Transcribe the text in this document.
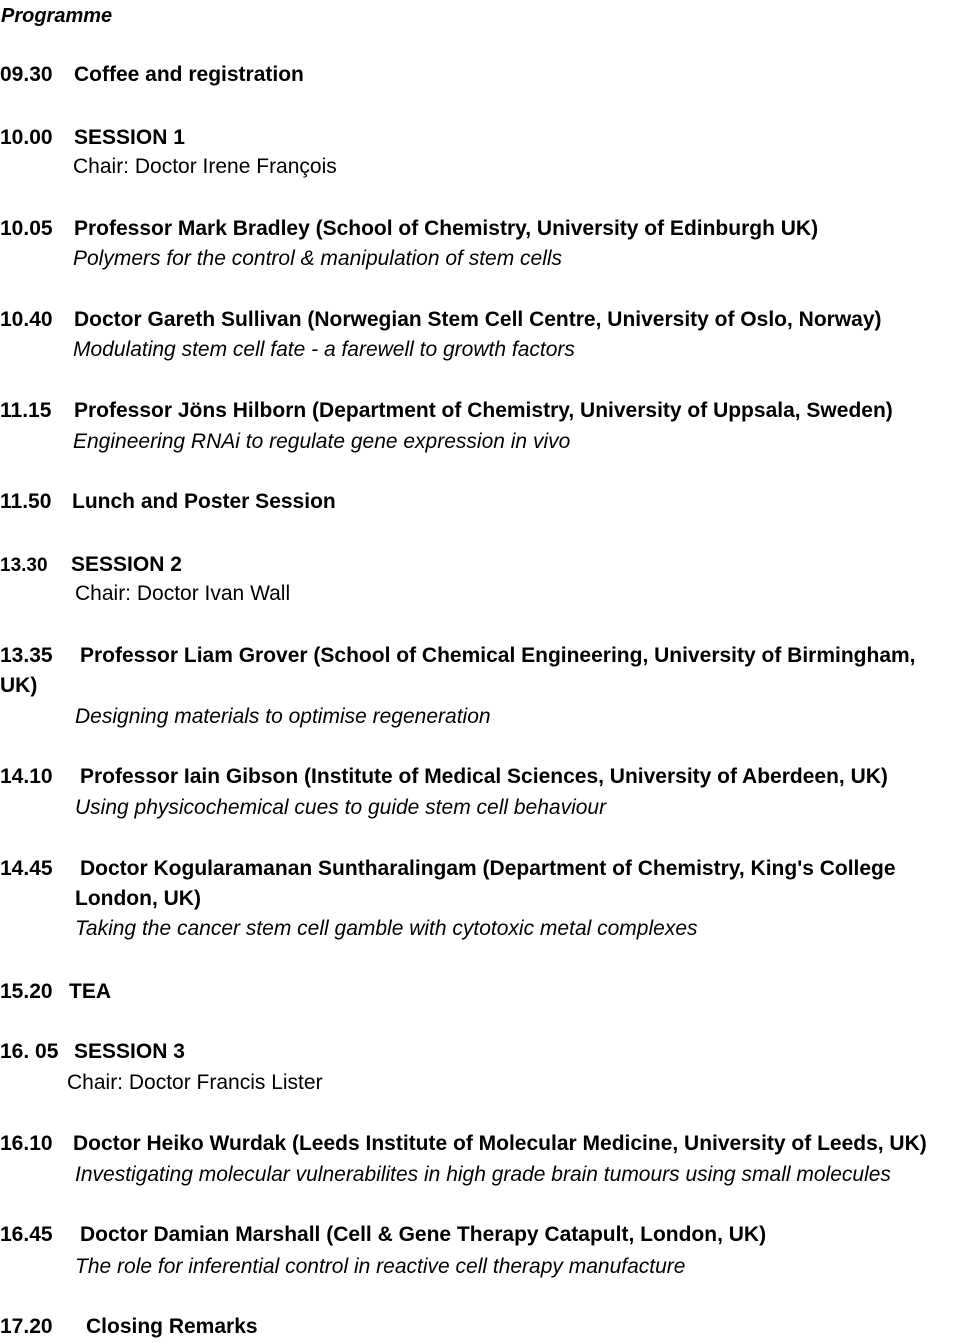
Programme
09.30 Coffee and registration
10.00 SESSION 1
Chair: Doctor Irene François
10.05 Professor Mark Bradley (School of Chemistry, University of Edinburgh UK)
Polymers for the control & manipulation of stem cells
10.40 Doctor Gareth Sullivan (Norwegian Stem Cell Centre, University of Oslo, Norway)
Modulating stem cell fate - a farewell to growth factors
11.15 Professor Jöns Hilborn (Department of Chemistry, University of Uppsala, Sweden)
Engineering RNAi to regulate gene expression in vivo
11.50 Lunch and Poster Session
13.30 SESSION 2
Chair: Doctor Ivan Wall
13.35 Professor Liam Grover (School of Chemical Engineering, University of Birmingham,
UK)
Designing materials to optimise regeneration
14.10 Professor Iain Gibson (Institute of Medical Sciences, University of Aberdeen, UK)
Using physicochemical cues to guide stem cell behaviour
14.45 Doctor Kogularamanan Suntharalingam (Department of Chemistry, King's College
London, UK)
Taking the cancer stem cell gamble with cytotoxic metal complexes
15.20 TEA
16. 05 SESSION 3
Chair: Doctor Francis Lister
16.10 Doctor Heiko Wurdak (Leeds Institute of Molecular Medicine, University of Leeds, UK)
Investigating molecular vulnerabilites in high grade brain tumours using small molecules
16.45 Doctor Damian Marshall (Cell & Gene Therapy Catapult, London, UK)
The role for inferential control in reactive cell therapy manufacture
17.20 Closing Remarks
